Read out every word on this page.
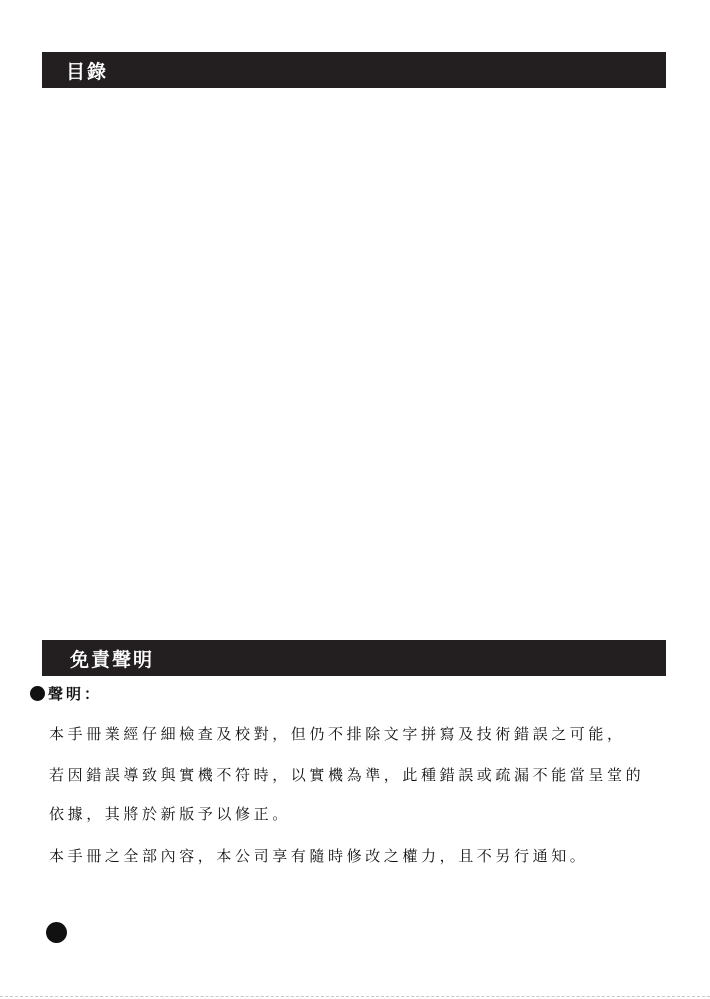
目錄
免責聲明
聲明：
本手冊業經仔細檢查及校對，但仍不排除文字拼寫及技術錯誤之可能，
若因錯誤導致與實機不符時，以實機為準，此種錯誤或疏漏不能當呈堂的
依據，其將於新版予以修正。
本手冊之全部內容，本公司享有隨時修改之權力，且不另行通知。
